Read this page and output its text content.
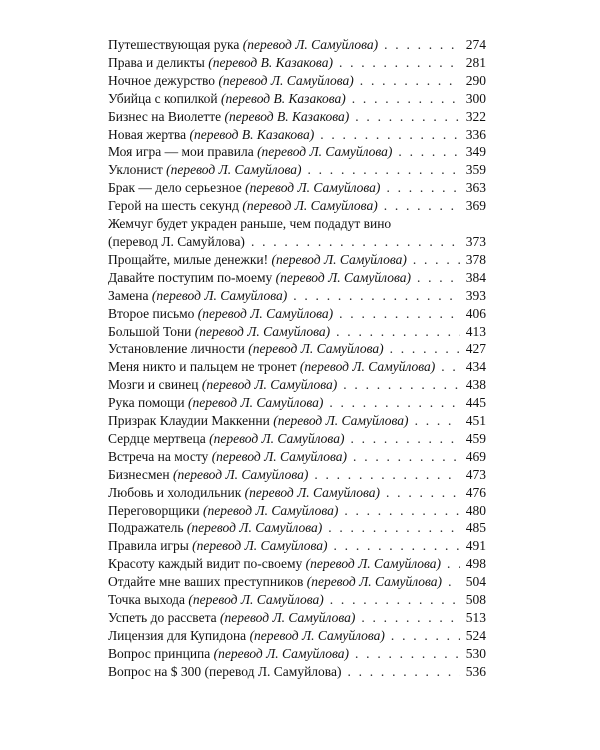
Путешествующая рука (перевод Л. Самуйлова) . . .	274
Права и деликты (перевод В. Казакова) . . .	281
Ночное дежурство (перевод Л. Самуйлова) . . .	290
Убийца с копилкой (перевод В. Казакова) . . .	300
Бизнес на Виолетте (перевод В. Казакова) . . .	322
Новая жертва (перевод В. Казакова) . . .	336
Моя игра — мои правила (перевод Л. Самуйлова) . . .	349
Уклонист (перевод Л. Самуйлова) . . .	359
Брак — дело серьезное (перевод Л. Самуйлова) . . .	363
Герой на шесть секунд (перевод Л. Самуйлова) . . .	369
Жемчуг будет украден раньше, чем подадут вино
(перевод Л. Самуйлова) . . .	373
Прощайте, милые денежки! (перевод Л. Самуйлова) . . .	378
Давайте поступим по-моему (перевод Л. Самуйлова) . . .	384
Замена (перевод Л. Самуйлова) . . .	393
Второе письмо (перевод Л. Самуйлова) . . .	406
Большой Тони (перевод Л. Самуйлова) . . .	413
Установление личности (перевод Л. Самуйлова) . . .	427
Меня никто и пальцем не тронет (перевод Л. Самуйлова) . . . 434
Мозги и свинец (перевод Л. Самуйлова) . . .	438
Рука помощи (перевод Л. Самуйлова) . . .	445
Призрак Клаудии Маккенни (перевод Л. Самуйлова) . . .	451
Сердце мертвеца (перевод Л. Самуйлова) . . .	459
Встреча на мосту (перевод Л. Самуйлова) . . .	469
Бизнесмен (перевод Л. Самуйлова) . . .	473
Любовь и холодильник (перевод Л. Самуйлова) . . .	476
Переговорщики (перевод Л. Самуйлова) . . .	480
Подражатель (перевод Л. Самуйлова) . . .	485
Правила игры (перевод Л. Самуйлова) . . .	491
Красоту каждый видит по-своему (перевод Л. Самуйлова) . . . 498
Отдайте мне ваших преступников (перевод Л. Самуйлова) . . . 504
Точка выхода (перевод Л. Самуйлова) . . .	508
Успеть до рассвета (перевод Л. Самуйлова) . . .	513
Лицензия для Купидона (перевод Л. Самуйлова) . . .	524
Вопрос принципа (перевод Л. Самуйлова) . . .	530
Вопрос на $ 300 (перевод Л. Самуйлова) . . .	536
